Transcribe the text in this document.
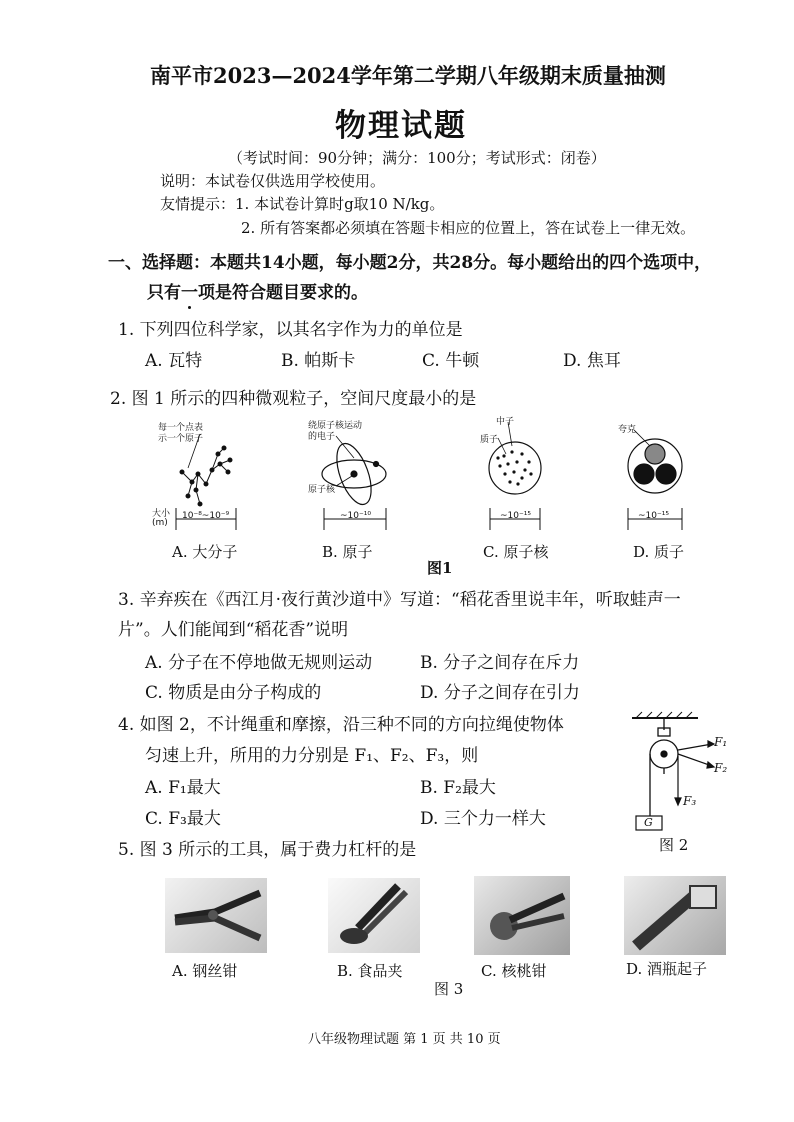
南平市2023—2024学年第二学期八年级期末质量抽测
物理试题
（考试时间：90分钟；满分：100分；考试形式：闭卷）
说明：本试卷仅供选用学校使用。
友情提示：1. 本试卷计算时g取10 N/kg。
2. 所有答案都必须填在答题卡相应的位置上，答在试卷上一律无效。
一、选择题：本题共14小题，每小题2分，共28分。每小题给出的四个选项中，
只有一项是符合题目要求的。
1. 下列四位科学家，以其名字作为力的单位是
A. 瓦特	B. 帕斯卡	C. 牛顿	D. 焦耳
2. 图 1 所示的四种微观粒子，空间尺度最小的是
每一个点表
示一个原子
绕原子核运动
的电子
原子核
中子
质子
夸克
大小
(m)
10⁻⁸~10⁻⁹	~10⁻¹⁰	~10⁻¹⁵	~10⁻¹⁵
A. 大分子	B. 原子	C. 原子核	D. 质子
图1
3. 辛弃疾在《西江月·夜行黄沙道中》写道：“稻花香里说丰年，听取蛙声一
片”。人们能闻到“稻花香”说明
A. 分子在不停地做无规则运动	B. 分子之间存在斥力
C. 物质是由分子构成的	D. 分子之间存在引力
4. 如图 2，不计绳重和摩擦，沿三种不同的方向拉绳使物体
匀速上升，所用的力分别是 F₁、F₂、F₃，则
A. F₁最大	B. F₂最大
C. F₃最大	D. 三个力一样大
F₁
F₂
F₃
G
图 2
5. 图 3 所示的工具，属于费力杠杆的是
A. 钢丝钳	B. 食品夹	C. 核桃钳	D. 酒瓶起子
图 3
八年级物理试题 第 1 页 共 10 页
